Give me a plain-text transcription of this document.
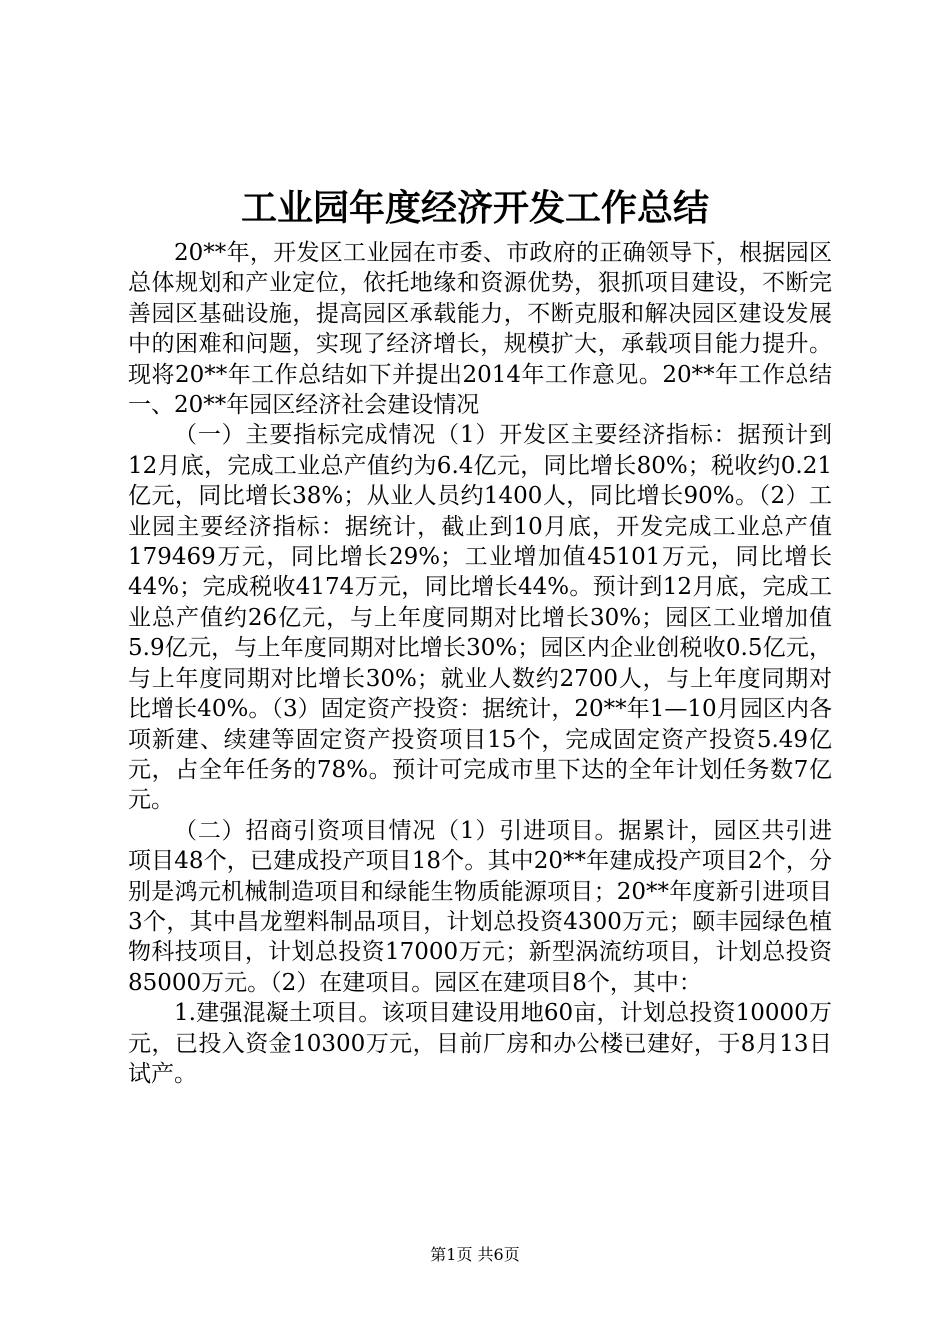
工业园年度经济开发工作总结

20**年，开发区工业园在市委、市政府的正确领导下，根据园区总体规划和产业定位，依托地缘和资源优势，狠抓项目建设，不断完善园区基础设施，提高园区承载能力，不断克服和解决园区建设发展中的困难和问题，实现了经济增长，规模扩大，承载项目能力提升。现将20**年工作总结如下并提出2014年工作意见。20**年工作总结一、20**年园区经济社会建设情况

（一）主要指标完成情况（1）开发区主要经济指标：据预计到12月底，完成工业总产值约为6.4亿元，同比增长80%；税收约0.21亿元，同比增长38%；从业人员约1400人，同比增长90%。（2）工业园主要经济指标：据统计，截止到10月底，开发完成工业总产值179469万元，同比增长29%；工业增加值45101万元，同比增长44%；完成税收4174万元，同比增长44%。预计到12月底，完成工业总产值约26亿元，与上年度同期对比增长30%；园区工业增加值5.9亿元，与上年度同期对比增长30%；园区内企业创税收0.5亿元，与上年度同期对比增长30%；就业人数约2700人，与上年度同期对比增长40%。（3）固定资产投资：据统计，20**年1—10月园区内各项新建、续建等固定资产投资项目15个，完成固定资产投资5.49亿元，占全年任务的78%。预计可完成市里下达的全年计划任务数7亿元。

（二）招商引资项目情况（1）引进项目。据累计，园区共引进项目48个，已建成投产项目18个。其中20**年建成投产项目2个，分别是鸿元机械制造项目和绿能生物质能源项目；20**年度新引进项目3个，其中昌龙塑料制品项目，计划总投资4300万元；颐丰园绿色植物科技项目，计划总投资17000万元；新型涡流纺项目，计划总投资85000万元。（2）在建项目。园区在建项目8个，其中：

1.建强混凝土项目。该项目建设用地60亩，计划总投资10000万元，已投入资金10300万元，目前厂房和办公楼已建好，于8月13日试产。

第1页 共6页
